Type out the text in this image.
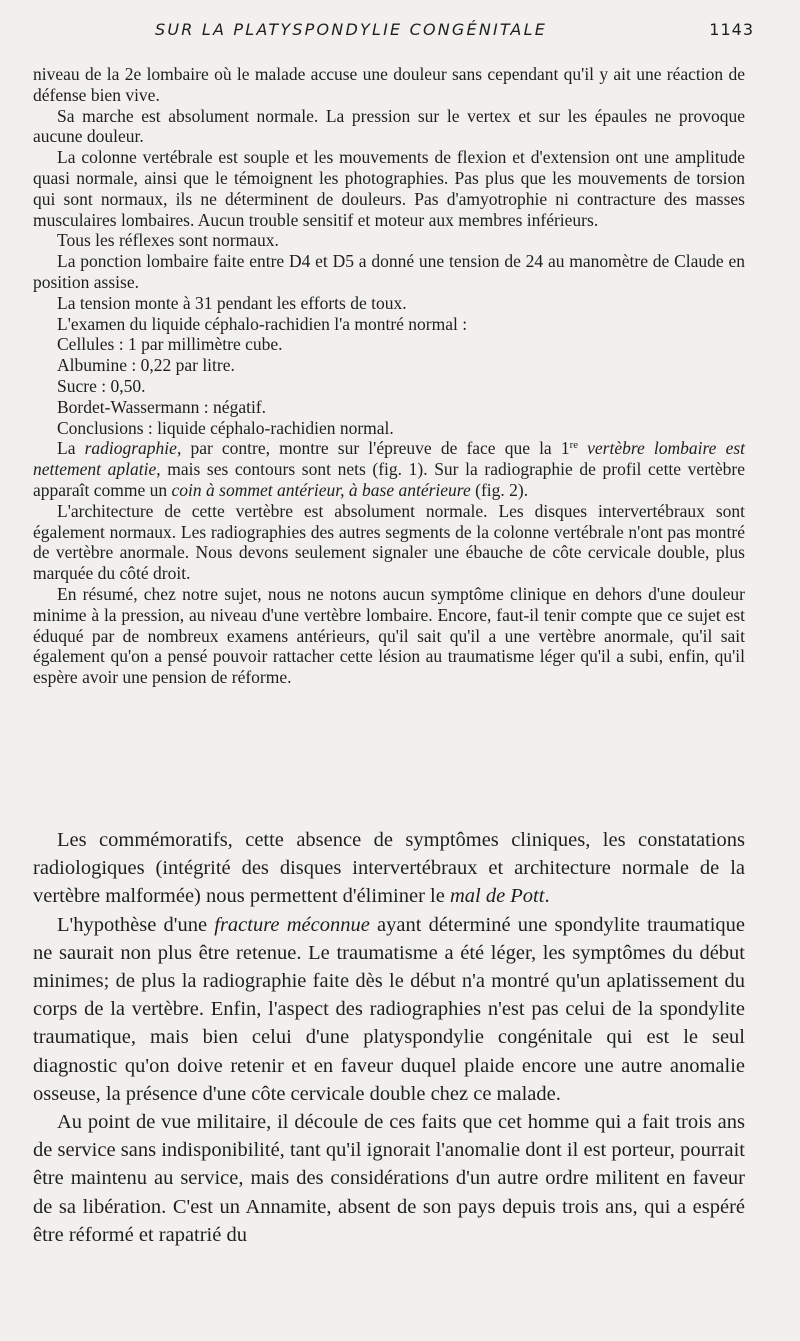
SUR LA PLATYSPONDYLIE CONGÉNITALE	1143

niveau de la 2e lombaire où le malade accuse une douleur sans cependant qu'il y ait une réaction de défense bien vive.

Sa marche est absolument normale. La pression sur le vertex et sur les épaules ne provoque aucune douleur.

La colonne vertébrale est souple et les mouvements de flexion et d'extension ont une amplitude quasi normale, ainsi que le témoignent les photographies. Pas plus que les mouvements de torsion qui sont normaux, ils ne déterminent de douleurs. Pas d'amyotrophie ni contracture des masses musculaires lombaires. Aucun trouble sensitif et moteur aux membres inférieurs.

Tous les réflexes sont normaux.

La ponction lombaire faite entre D4 et D5 a donné une tension de 24 au manomètre de Claude en position assise.

La tension monte à 31 pendant les efforts de toux.

L'examen du liquide céphalo-rachidien l'a montré normal :

Cellules : 1 par millimètre cube.

Albumine : 0,22 par litre.

Sucre : 0,50.

Bordet-Wassermann : négatif.

Conclusions : liquide céphalo-rachidien normal.

La radiographie, par contre, montre sur l'épreuve de face que la 1re vertèbre lombaire est nettement aplatie, mais ses contours sont nets (fig. 1). Sur la radiographie de profil cette vertèbre apparaît comme un coin à sommet antérieur, à base antérieure (fig. 2).

L'architecture de cette vertèbre est absolument normale. Les disques intervertébraux sont également normaux. Les radiographies des autres segments de la colonne vertébrale n'ont pas montré de vertèbre anormale. Nous devons seulement signaler une ébauche de côte cervicale double, plus marquée du côté droit.

En résumé, chez notre sujet, nous ne notons aucun symptôme clinique en dehors d'une douleur minime à la pression, au niveau d'une vertèbre lombaire. Encore, faut-il tenir compte que ce sujet est éduqué par de nombreux examens antérieurs, qu'il sait qu'il a une vertèbre anormale, qu'il sait également qu'on a pensé pouvoir rattacher cette lésion au traumatisme léger qu'il a subi, enfin, qu'il espère avoir une pension de réforme.

Les commémoratifs, cette absence de symptômes cliniques, les constatations radiologiques (intégrité des disques intervertébraux et architecture normale de la vertèbre malformée) nous permettent d'éliminer le mal de Pott.

L'hypothèse d'une fracture méconnue ayant déterminé une spondylite traumatique ne saurait non plus être retenue. Le traumatisme a été léger, les symptômes du début minimes; de plus la radiographie faite dès le début n'a montré qu'un aplatissement du corps de la vertèbre. Enfin, l'aspect des radiographies n'est pas celui de la spondylite traumatique, mais bien celui d'une platyspondylie congénitale qui est le seul diagnostic qu'on doive retenir et en faveur duquel plaide encore une autre anomalie osseuse, la présence d'une côte cervicale double chez ce malade.

Au point de vue militaire, il découle de ces faits que cet homme qui a fait trois ans de service sans indisponibilité, tant qu'il ignorait l'anomalie dont il est porteur, pourrait être maintenu au service, mais des considérations d'un autre ordre militent en faveur de sa libération. C'est un Annamite, absent de son pays depuis trois ans, qui a espéré être réformé et rapatrié du
